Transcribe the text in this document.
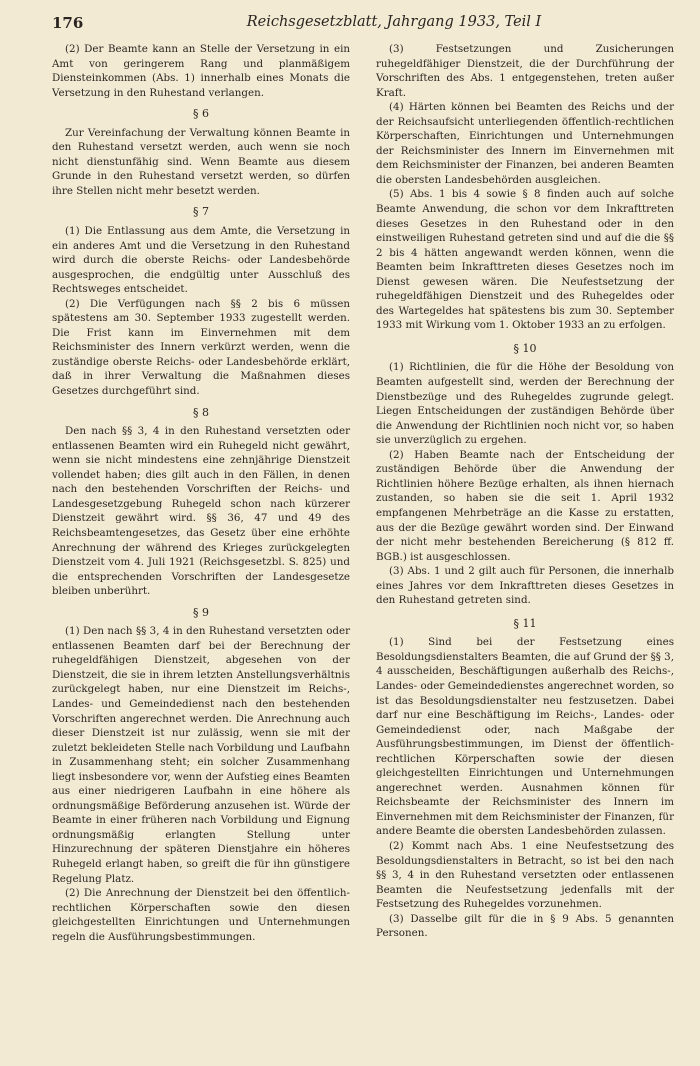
176	Reichsgesetzblatt, Jahrgang 1933, Teil I

(2) Der Beamte kann an Stelle der Versetzung in ein Amt von geringerem Rang und planmäßigem Diensteinkommen (Abs. 1) innerhalb eines Monats die Versetzung in den Ruhestand verlangen.

§ 6

Zur Vereinfachung der Verwaltung können Beamte in den Ruhestand versetzt werden, auch wenn sie noch nicht dienstunfähig sind. Wenn Beamte aus diesem Grunde in den Ruhestand versetzt werden, so dürfen ihre Stellen nicht mehr besetzt werden.

§ 7

(1) Die Entlassung aus dem Amte, die Versetzung in ein anderes Amt und die Versetzung in den Ruhestand wird durch die oberste Reichs- oder Landesbehörde ausgesprochen, die endgültig unter Ausschluß des Rechtsweges entscheidet.

(2) Die Verfügungen nach §§ 2 bis 6 müssen spätestens am 30. September 1933 zugestellt werden. Die Frist kann im Einvernehmen mit dem Reichsminister des Innern verkürzt werden, wenn die zuständige oberste Reichs- oder Landesbehörde erklärt, daß in ihrer Verwaltung die Maßnahmen dieses Gesetzes durchgeführt sind.

§ 8

Den nach §§ 3, 4 in den Ruhestand versetzten oder entlassenen Beamten wird ein Ruhegeld nicht gewährt, wenn sie nicht mindestens eine zehnjährige Dienstzeit vollendet haben; dies gilt auch in den Fällen, in denen nach den bestehenden Vorschriften der Reichs- und Landesgesetzgebung Ruhegeld schon nach kürzerer Dienstzeit gewährt wird. §§ 36, 47 und 49 des Reichsbeamtengesetzes, das Gesetz über eine erhöhte Anrechnung der während des Krieges zurückgelegten Dienstzeit vom 4. Juli 1921 (Reichsgesetzbl. S. 825) und die entsprechenden Vorschriften der Landesgesetze bleiben unberührt.

§ 9

(1) Den nach §§ 3, 4 in den Ruhestand versetzten oder entlassenen Beamten darf bei der Berechnung der ruhegeldfähigen Dienstzeit, abgesehen von der Dienstzeit, die sie in ihrem letzten Anstellungsverhältnis zurückgelegt haben, nur eine Dienstzeit im Reichs-, Landes- und Gemeindedienst nach den bestehenden Vorschriften angerechnet werden. Die Anrechnung auch dieser Dienstzeit ist nur zulässig, wenn sie mit der zuletzt bekleideten Stelle nach Vorbildung und Laufbahn in Zusammenhang steht; ein solcher Zusammenhang liegt insbesondere vor, wenn der Aufstieg eines Beamten aus einer niedrigeren Laufbahn in eine höhere als ordnungsmäßige Beförderung anzusehen ist. Würde der Beamte in einer früheren nach Vorbildung und Eignung ordnungsmäßig erlangten Stellung unter Hinzurechnung der späteren Dienstjahre ein höheres Ruhegeld erlangt haben, so greift die für ihn günstigere Regelung Platz.

(2) Die Anrechnung der Dienstzeit bei den öffentlich-rechtlichen Körperschaften sowie den diesen gleichgestellten Einrichtungen und Unternehmungen regeln die Ausführungsbestimmungen.

(3) Festsetzungen und Zusicherungen ruhegeldfähiger Dienstzeit, die der Durchführung der Vorschriften des Abs. 1 entgegenstehen, treten außer Kraft.

(4) Härten können bei Beamten des Reichs und der der Reichsaufsicht unterliegenden öffentlich-rechtlichen Körperschaften, Einrichtungen und Unternehmungen der Reichsminister des Innern im Einvernehmen mit dem Reichsminister der Finanzen, bei anderen Beamten die obersten Landesbehörden ausgleichen.

(5) Abs. 1 bis 4 sowie § 8 finden auch auf solche Beamte Anwendung, die schon vor dem Inkrafttreten dieses Gesetzes in den Ruhestand oder in den einstweiligen Ruhestand getreten sind und auf die die §§ 2 bis 4 hätten angewandt werden können, wenn die Beamten beim Inkrafttreten dieses Gesetzes noch im Dienst gewesen wären. Die Neufestsetzung der ruhegeldfähigen Dienstzeit und des Ruhegeldes oder des Wartegeldes hat spätestens bis zum 30. September 1933 mit Wirkung vom 1. Oktober 1933 an zu erfolgen.

§ 10

(1) Richtlinien, die für die Höhe der Besoldung von Beamten aufgestellt sind, werden der Berechnung der Dienstbezüge und des Ruhegeldes zugrunde gelegt. Liegen Entscheidungen der zuständigen Behörde über die Anwendung der Richtlinien noch nicht vor, so haben sie unverzüglich zu ergehen.

(2) Haben Beamte nach der Entscheidung der zuständigen Behörde über die Anwendung der Richtlinien höhere Bezüge erhalten, als ihnen hiernach zustanden, so haben sie die seit 1. April 1932 empfangenen Mehrbeträge an die Kasse zu erstatten, aus der die Bezüge gewährt worden sind. Der Einwand der nicht mehr bestehenden Bereicherung (§ 812 ff. BGB.) ist ausgeschlossen.

(3) Abs. 1 und 2 gilt auch für Personen, die innerhalb eines Jahres vor dem Inkrafttreten dieses Gesetzes in den Ruhestand getreten sind.

§ 11

(1) Sind bei der Festsetzung eines Besoldungsdienstalters Beamten, die auf Grund der §§ 3, 4 ausscheiden, Beschäftigungen außerhalb des Reichs-, Landes- oder Gemeindedienstes angerechnet worden, so ist das Besoldungsdienstalter neu festzusetzen. Dabei darf nur eine Beschäftigung im Reichs-, Landes- oder Gemeindedienst oder, nach Maßgabe der Ausführungsbestimmungen, im Dienst der öffentlich-rechtlichen Körperschaften sowie der diesen gleichgestellten Einrichtungen und Unternehmungen angerechnet werden. Ausnahmen können für Reichsbeamte der Reichsminister des Innern im Einvernehmen mit dem Reichsminister der Finanzen, für andere Beamte die obersten Landesbehörden zulassen.

(2) Kommt nach Abs. 1 eine Neufestsetzung des Besoldungsdienstalters in Betracht, so ist bei den nach §§ 3, 4 in den Ruhestand versetzten oder entlassenen Beamten die Neufestsetzung jedenfalls mit der Festsetzung des Ruhegeldes vorzunehmen.

(3) Dasselbe gilt für die in § 9 Abs. 5 genannten Personen.
